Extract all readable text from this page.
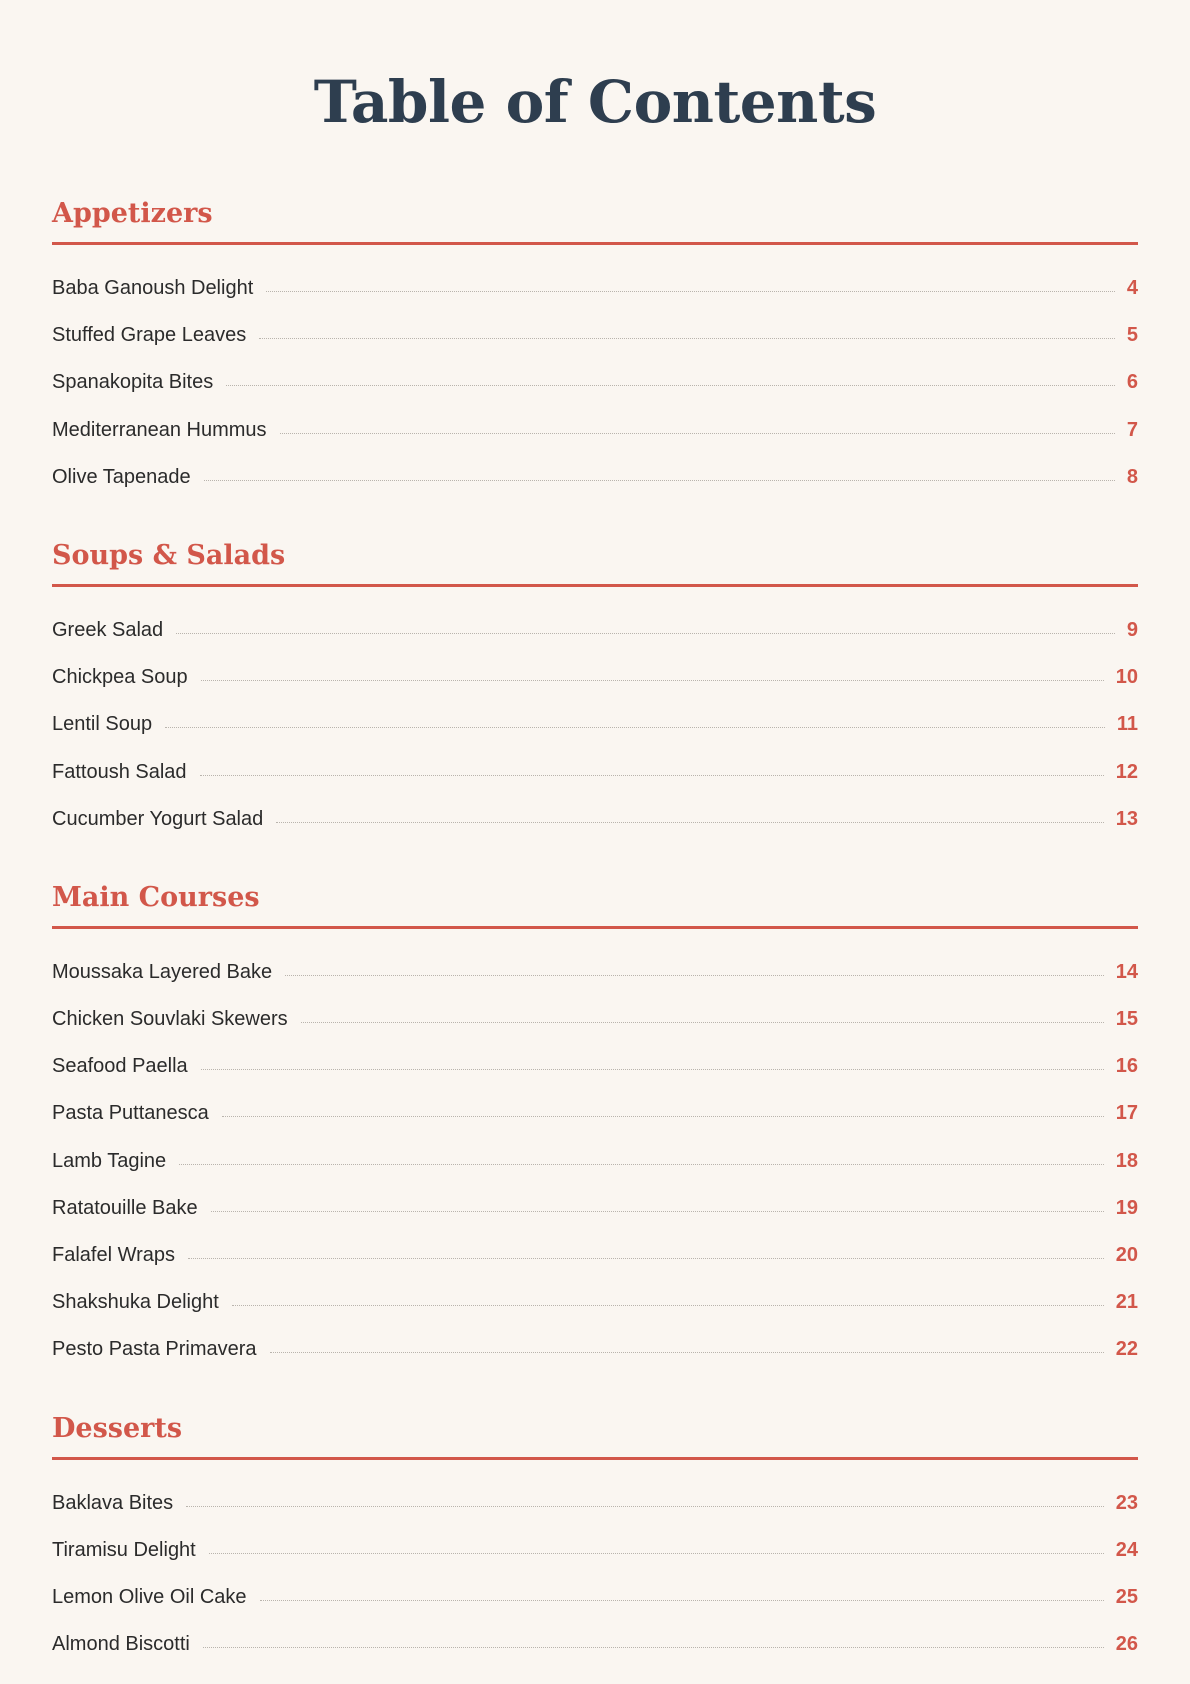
Table of Contents
Appetizers
Baba Ganoush Delight	4
Stuffed Grape Leaves	5
Spanakopita Bites	6
Mediterranean Hummus	7
Olive Tapenade	8
Soups & Salads
Greek Salad	9
Chickpea Soup	10
Lentil Soup	11
Fattoush Salad	12
Cucumber Yogurt Salad	13
Main Courses
Moussaka Layered Bake	14
Chicken Souvlaki Skewers	15
Seafood Paella	16
Pasta Puttanesca	17
Lamb Tagine	18
Ratatouille Bake	19
Falafel Wraps	20
Shakshuka Delight	21
Pesto Pasta Primavera	22
Desserts
Baklava Bites	23
Tiramisu Delight	24
Lemon Olive Oil Cake	25
Almond Biscotti	26
